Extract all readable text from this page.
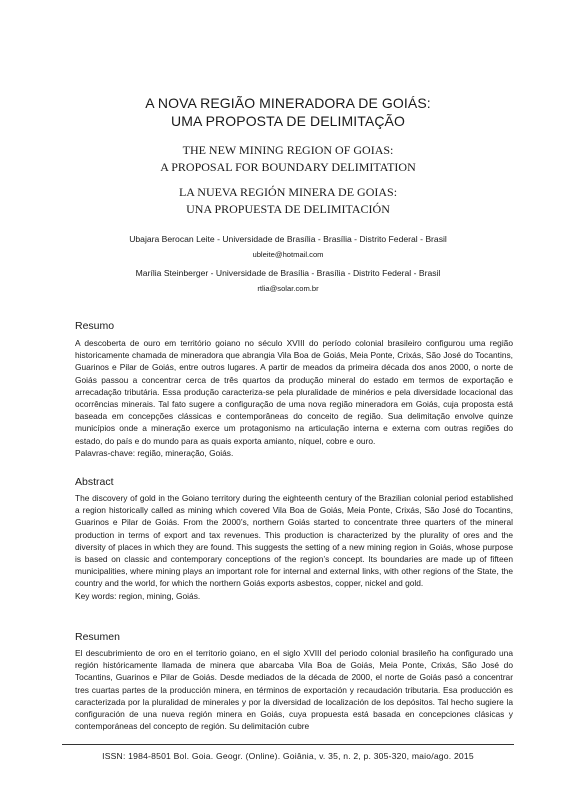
A NOVA REGIÃO MINERADORA DE GOIÁS:
UMA PROPOSTA DE DELIMITAÇÃO
THE NEW MINING REGION OF GOIAS:
A PROPOSAL FOR BOUNDARY DELIMITATION
LA NUEVA REGIÓN MINERA DE GOIAS:
UNA PROPUESTA DE DELIMITACIÓN
Ubajara Berocan Leite - Universidade de Brasília - Brasília - Distrito Federal - Brasil
ubleite@hotmail.com
Marília Steinberger - Universidade de Brasília - Brasília - Distrito Federal - Brasil
rtlia@solar.com.br
Resumo

A descoberta de ouro em território goiano no século XVIII do período colonial brasileiro configurou uma região historicamente chamada de mineradora que abrangia Vila Boa de Goiás, Meia Ponte, Crixás, São José do Tocantins, Guarinos e Pilar de Goiás, entre outros lugares. A partir de meados da primeira década dos anos 2000, o norte de Goiás passou a concentrar cerca de três quartos da produção mineral do estado em termos de exportação e arrecadação tributária. Essa produção caracteriza-se pela pluralidade de minérios e pela diversidade locacional das ocorrências minerais. Tal fato sugere a configuração de uma nova região mineradora em Goiás, cuja proposta está baseada em concepções clássicas e contemporâneas do conceito de região. Sua delimitação envolve quinze municípios onde a mineração exerce um protagonismo na articulação interna e externa com outras regiões do estado, do país e do mundo para as quais exporta amianto, níquel, cobre e ouro.
Palavras-chave: região, mineração, Goiás.

Abstract

The discovery of gold in the Goiano territory during the eighteenth century of the Brazilian colonial period established a region historically called as mining which covered Vila Boa de Goiás, Meia Ponte, Crixás, São José do Tocantins, Guarinos e Pilar de Goiás. From the 2000’s, northern Goiás started to concentrate three quarters of the mineral production in terms of export and tax revenues. This production is characterized by the plurality of ores and the diversity of places in which they are found. This suggests the setting of a new mining region in Goiás, whose purpose is based on classic and contemporary conceptions of the region’s concept. Its boundaries are made up of fifteen municipalities, where mining plays an important role for internal and external links, with other regions of the State, the country and the world, for which the northern Goiás exports asbestos, copper, nickel and gold.
Key words: region, mining, Goiás.

Resumen

El descubrimiento de oro en el territorio goiano, en el siglo XVIII del periodo colonial brasileño ha configurado una región históricamente llamada de minera que abarcaba Vila Boa de Goiás, Meia Ponte, Crixás, São José do Tocantins, Guarinos e Pilar de Goiás. Desde mediados de la década de 2000, el norte de Goiás pasó a concentrar tres cuartas partes de la producción minera, en términos de exportación y recaudación tributaria. Esa producción es caracterizada por la pluralidad de minerales y por la diversidad de localización de los depósitos. Tal hecho sugiere la configuración de una nueva región minera en Goiás, cuya propuesta está basada en concepciones clásicas y contemporáneas del concepto de región. Su delimitación cubre

ISSN: 1984-8501 Bol. Goia. Geogr. (Online). Goiânia, v. 35, n. 2, p. 305-320, maio/ago. 2015
